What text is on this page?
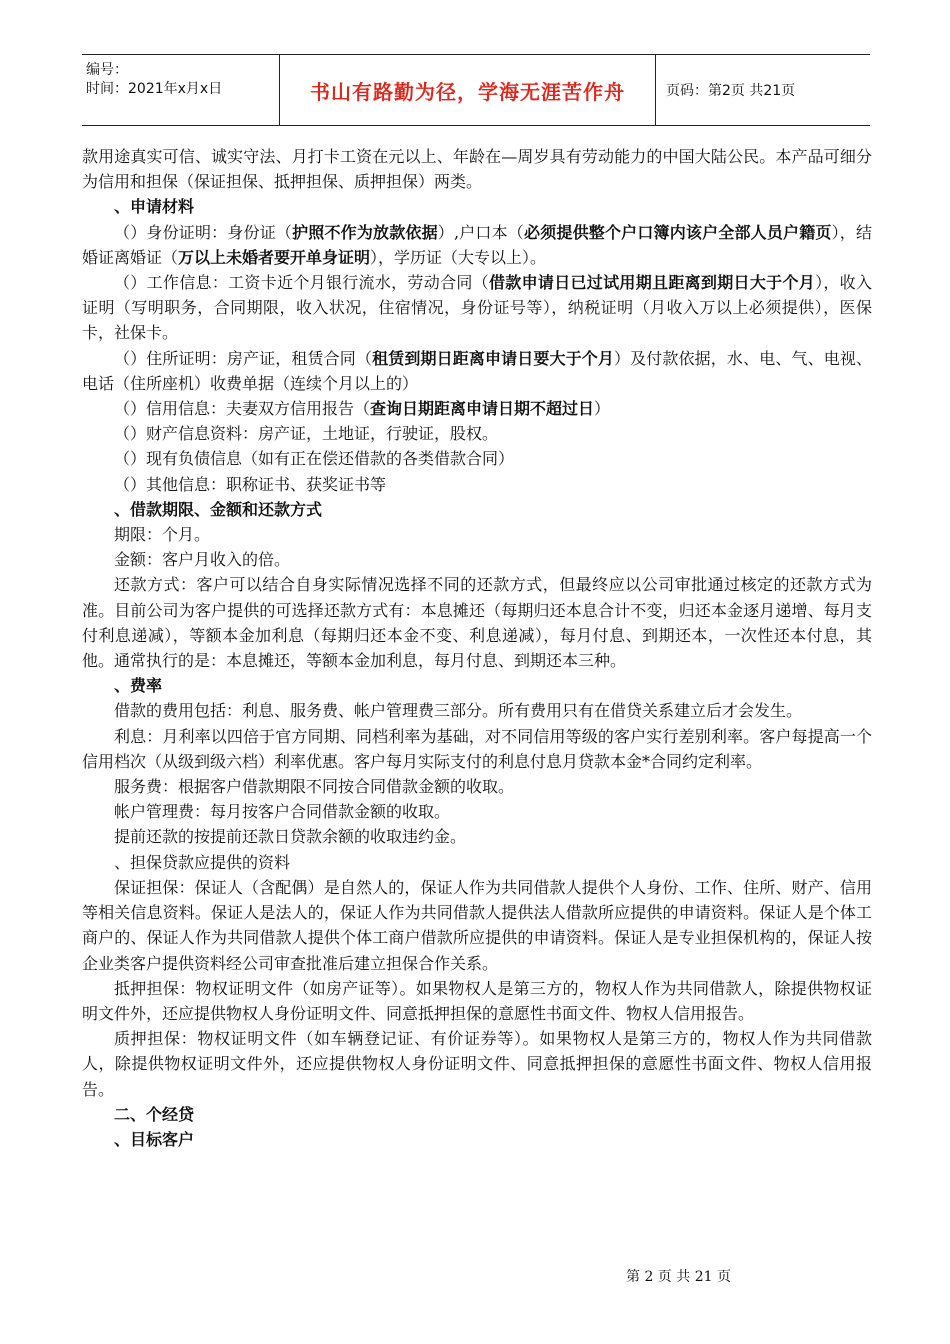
编号：
时间：2021年x月x日	书山有路勤为径，学海无涯苦作舟	页码：第2页 共21页

款用途真实可信、诚实守法、月打卡工资在元以上、年龄在—周岁具有劳动能力的中国大陆公民。本产品可细分为信用和担保（保证担保、抵押担保、质押担保）两类。

、申请材料

（）身份证明：身份证（护照不作为放款依据）,户口本（必须提供整个户口簿内该户全部人员户籍页），结婚证离婚证（万以上未婚者要开单身证明），学历证（大专以上）。

（）工作信息：工资卡近个月银行流水，劳动合同（借款申请日已过试用期且距离到期日大于个月），收入证明（写明职务，合同期限，收入状况，住宿情况，身份证号等），纳税证明（月收入万以上必须提供），医保卡，社保卡。

（）住所证明：房产证，租赁合同（租赁到期日距离申请日要大于个月）及付款依据，水、电、气、电视、电话（住所座机）收费单据（连续个月以上的）

（）信用信息：夫妻双方信用报告（查询日期距离申请日期不超过日）

（）财产信息资料：房产证，土地证，行驶证，股权。

（）现有负债信息（如有正在偿还借款的各类借款合同）

（）其他信息：职称证书、获奖证书等

、借款期限、金额和还款方式

期限：个月。

金额：客户月收入的倍。

还款方式：客户可以结合自身实际情况选择不同的还款方式，但最终应以公司审批通过核定的还款方式为准。目前公司为客户提供的可选择还款方式有：本息摊还（每期归还本息合计不变，归还本金逐月递增、每月支付利息递减），等额本金加利息（每期归还本金不变、利息递减），每月付息、到期还本，一次性还本付息，其他。通常执行的是：本息摊还，等额本金加利息，每月付息、到期还本三种。

、费率

借款的费用包括：利息、服务费、帐户管理费三部分。所有费用只有在借贷关系建立后才会发生。

利息：月利率以四倍于官方同期、同档利率为基础，对不同信用等级的客户实行差别利率。客户每提高一个信用档次（从级到级六档）利率优惠。客户每月实际支付的利息付息月贷款本金*合同约定利率。

服务费：根据客户借款期限不同按合同借款金额的收取。

帐户管理费：每月按客户合同借款金额的收取。

提前还款的按提前还款日贷款余额的收取违约金。

、担保贷款应提供的资料

保证担保：保证人（含配偶）是自然人的，保证人作为共同借款人提供个人身份、工作、住所、财产、信用等相关信息资料。保证人是法人的，保证人作为共同借款人提供法人借款所应提供的申请资料。保证人是个体工商户的、保证人作为共同借款人提供个体工商户借款所应提供的申请资料。保证人是专业担保机构的，保证人按企业类客户提供资料经公司审查批准后建立担保合作关系。

抵押担保：物权证明文件（如房产证等）。如果物权人是第三方的，物权人作为共同借款人，除提供物权证明文件外，还应提供物权人身份证明文件、同意抵押担保的意愿性书面文件、物权人信用报告。

质押担保：物权证明文件（如车辆登记证、有价证券等）。如果物权人是第三方的，物权人作为共同借款人，除提供物权证明文件外，还应提供物权人身份证明文件、同意抵押担保的意愿性书面文件、物权人信用报告。

二、个经贷

、目标客户

第 2 页 共 21 页
